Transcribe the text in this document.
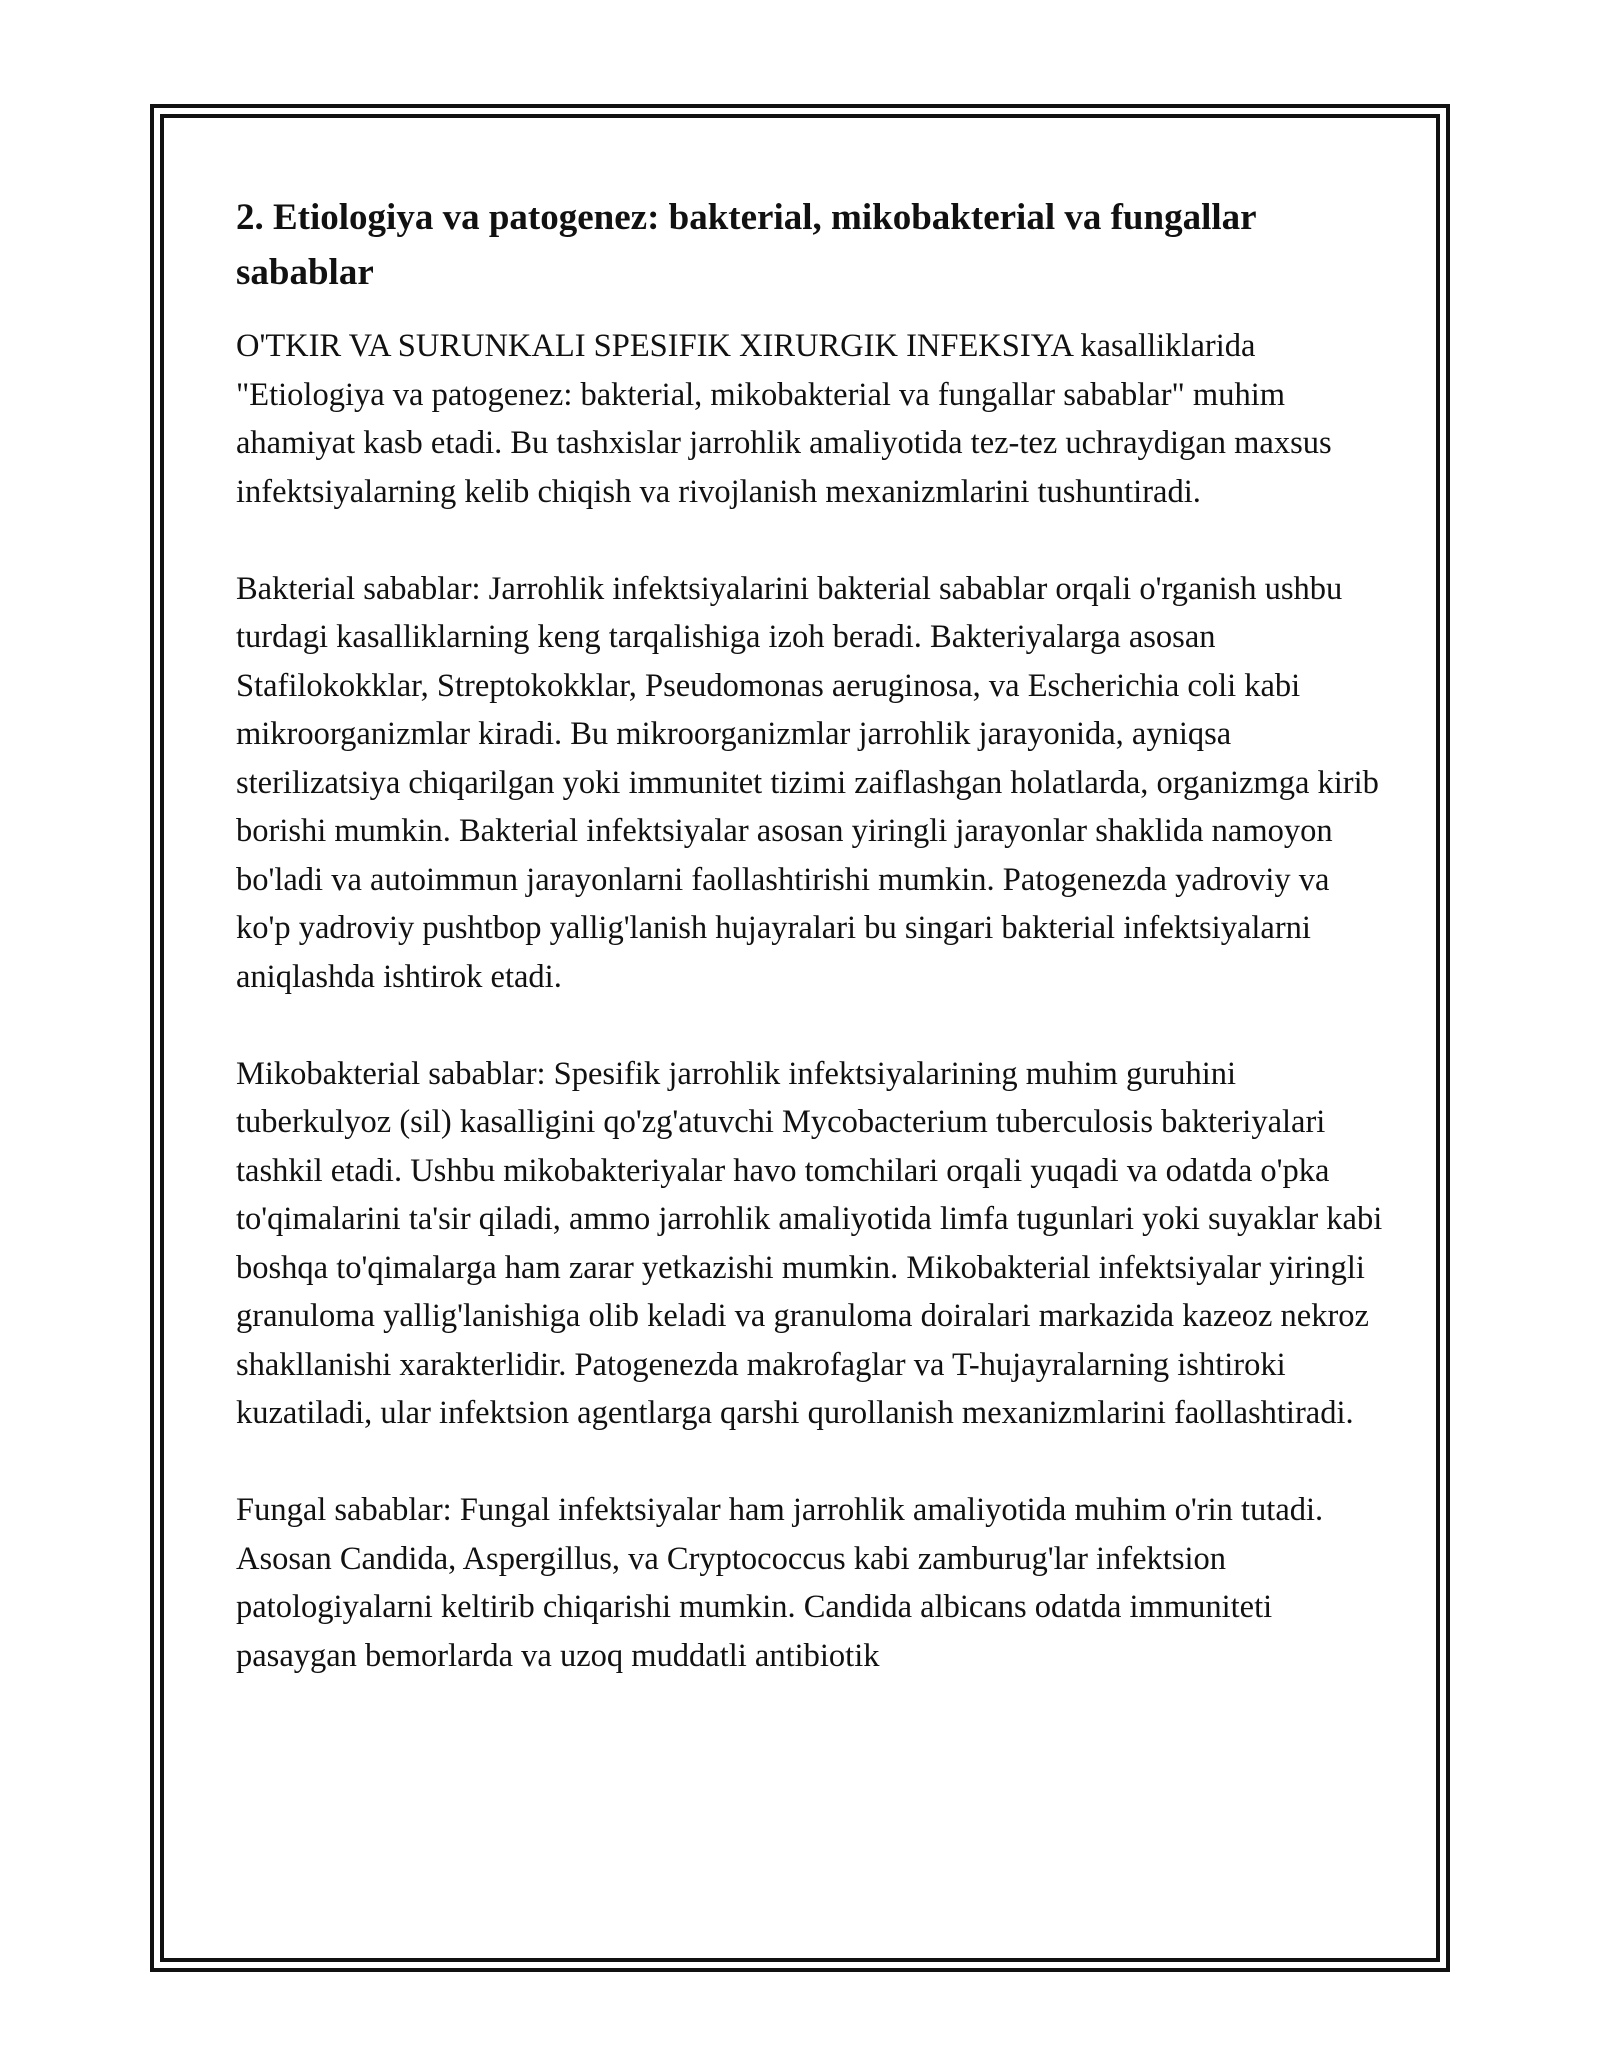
2. Etiologiya va patogenez: bakterial, mikobakterial va fungallar sabablar

O'TKIR VA SURUNKALI SPESIFIK XIRURGIK INFEKSIYA kasalliklarida "Etiologiya va patogenez: bakterial, mikobakterial va fungallar sabablar" muhim ahamiyat kasb etadi. Bu tashxislar jarrohlik amaliyotida tez-tez uchraydigan maxsus infektsiyalarning kelib chiqish va rivojlanish mexanizmlarini tushuntiradi.

Bakterial sabablar: Jarrohlik infektsiyalarini bakterial sabablar orqali o'rganish ushbu turdagi kasalliklarning keng tarqalishiga izoh beradi. Bakteriyalarga asosan Stafilokokklar, Streptokokklar, Pseudomonas aeruginosa, va Escherichia coli kabi mikroorganizmlar kiradi. Bu mikroorganizmlar jarrohlik jarayonida, ayniqsa sterilizatsiya chiqarilgan yoki immunitet tizimi zaiflashgan holatlarda, organizmga kirib borishi mumkin. Bakterial infektsiyalar asosan yiringli jarayonlar shaklida namoyon bo'ladi va autoimmun jarayonlarni faollashtirishi mumkin. Patogenezda yadroviy va ko'p yadroviy pushtbop yallig'lanish hujayralari bu singari bakterial infektsiyalarni aniqlashda ishtirok etadi.

Mikobakterial sabablar: Spesifik jarrohlik infektsiyalarining muhim guruhini tuberkulyoz (sil) kasalligini qo'zg'atuvchi Mycobacterium tuberculosis bakteriyalari tashkil etadi. Ushbu mikobakteriyalar havo tomchilari orqali yuqadi va odatda o'pka to'qimalarini ta'sir qiladi, ammo jarrohlik amaliyotida limfa tugunlari yoki suyaklar kabi boshqa to'qimalarga ham zarar yetkazishi mumkin. Mikobakterial infektsiyalar yiringli granuloma yallig'lanishiga olib keladi va granuloma doiralari markazida kazeoz nekroz shakllanishi xarakterlidir. Patogenezda makrofaglar va T-hujayralarning ishtiroki kuzatiladi, ular infektsion agentlarga qarshi qurollanish mexanizmlarini faollashtiradi.

Fungal sabablar: Fungal infektsiyalar ham jarrohlik amaliyotida muhim o'rin tutadi. Asosan Candida, Aspergillus, va Cryptococcus kabi zamburug'lar infektsion patologiyalarni keltirib chiqarishi mumkin. Candida albicans odatda immuniteti pasaygan bemorlarda va uzoq muddatli antibiotik
